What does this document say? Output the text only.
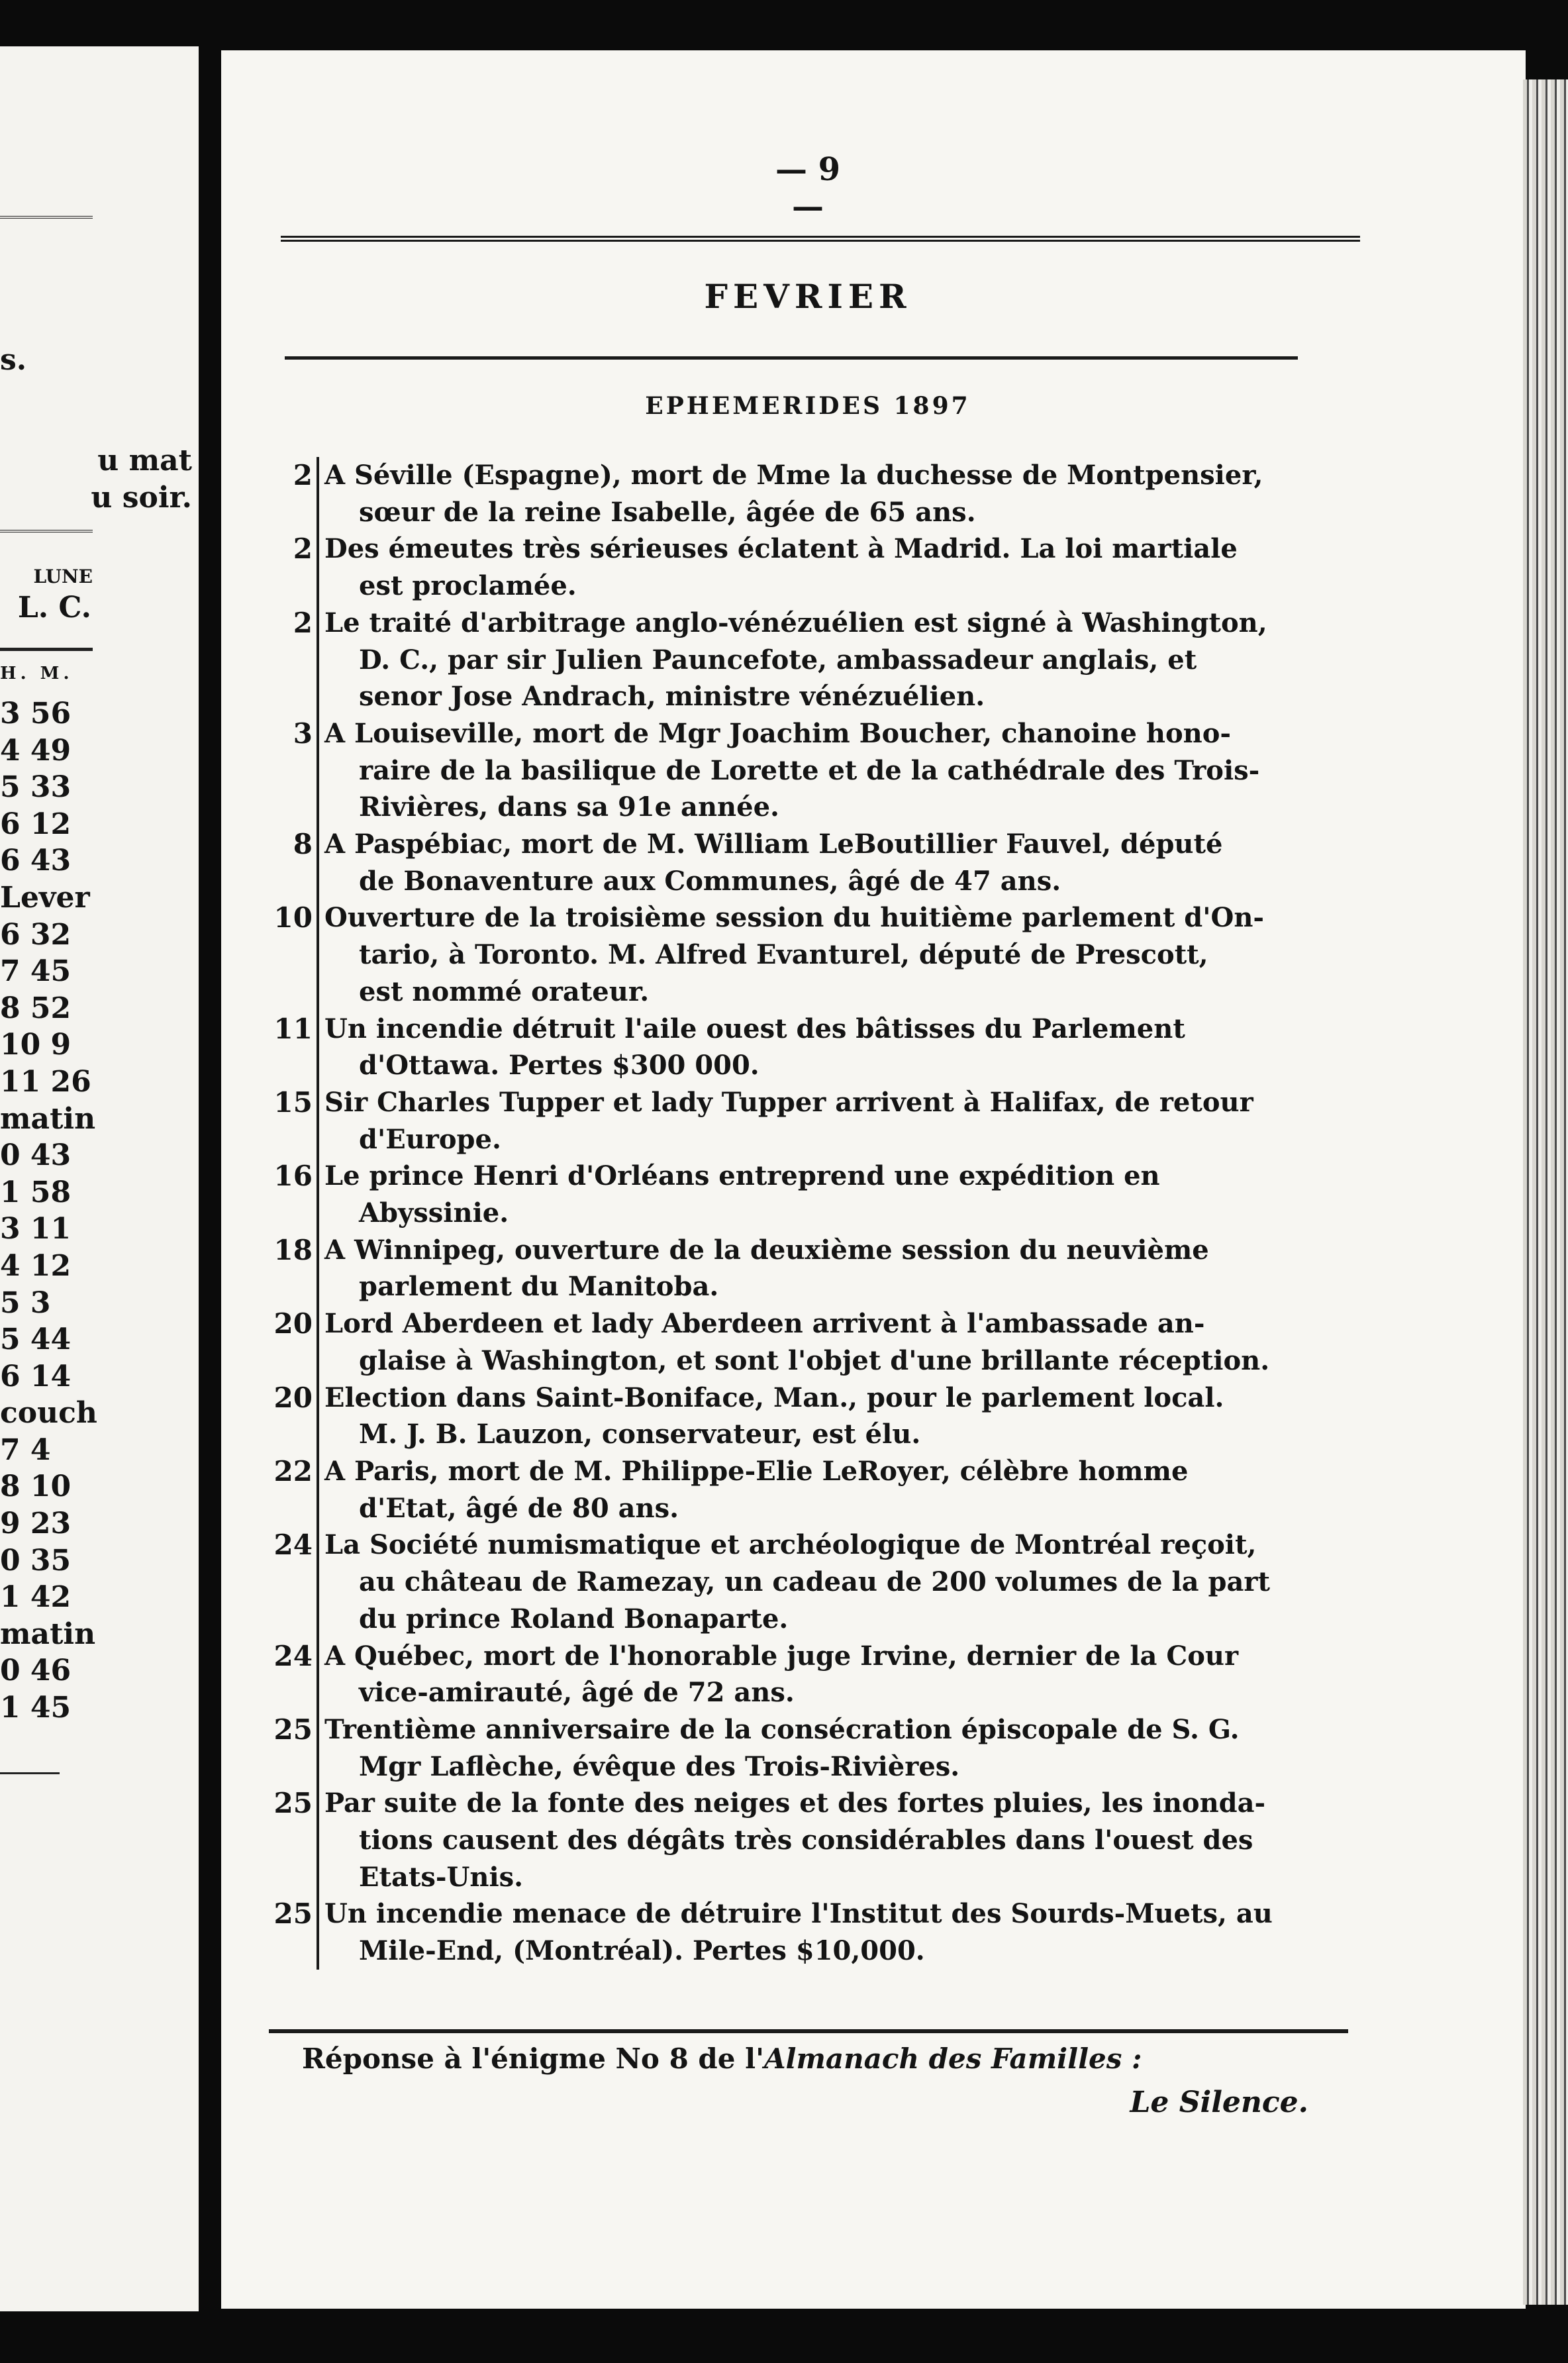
s.
u mat
u soir.
LUNE
L. C.
H. M.
3 56
4 49
5 33
6 12
6 43
Lever
6 32
7 45
8 52
10 9
11 26
matin
0 43
1 58
3 11
4 12
5 3
5 44
6 14
couch
7 4
8 10
9 23
0 35
1 42
matin
0 46
1 45
— 9 —
FEVRIER
EPHEMERIDES 1897
2 A Séville (Espagne), mort de Mme la duchesse de Montpensier,
sœur de la reine Isabelle, âgée de 65 ans.
2 Des émeutes très sérieuses éclatent à Madrid. La loi martiale
est proclamée.
2 Le traité d'arbitrage anglo-vénézuélien est signé à Washington,
D. C., par sir Julien Pauncefote, ambassadeur anglais, et
senor Jose Andrach, ministre vénézuélien.
3 A Louiseville, mort de Mgr Joachim Boucher, chanoine hono-
raire de la basilique de Lorette et de la cathédrale des Trois-
Rivières, dans sa 91e année.
8 A Paspébiac, mort de M. William LeBoutillier Fauvel, député
de Bonaventure aux Communes, âgé de 47 ans.
10 Ouverture de la troisième session du huitième parlement d'On-
tario, à Toronto. M. Alfred Evanturel, député de Prescott,
est nommé orateur.
11 Un incendie détruit l'aile ouest des bâtisses du Parlement
d'Ottawa. Pertes $300 000.
15 Sir Charles Tupper et lady Tupper arrivent à Halifax, de retour
d'Europe.
16 Le prince Henri d'Orléans entreprend une expédition en
Abyssinie.
18 A Winnipeg, ouverture de la deuxième session du neuvième
parlement du Manitoba.
20 Lord Aberdeen et lady Aberdeen arrivent à l'ambassade an-
glaise à Washington, et sont l'objet d'une brillante réception.
20 Election dans Saint-Boniface, Man., pour le parlement local.
M. J. B. Lauzon, conservateur, est élu.
22 A Paris, mort de M. Philippe-Elie LeRoyer, célèbre homme
d'Etat, âgé de 80 ans.
24 La Société numismatique et archéologique de Montréal reçoit,
au château de Ramezay, un cadeau de 200 volumes de la part
du prince Roland Bonaparte.
24 A Québec, mort de l'honorable juge Irvine, dernier de la Cour
vice-amirauté, âgé de 72 ans.
25 Trentième anniversaire de la consécration épiscopale de S. G.
Mgr Laflèche, évêque des Trois-Rivières.
25 Par suite de la fonte des neiges et des fortes pluies, les inonda-
tions causent des dégâts très considérables dans l'ouest des
Etats-Unis.
25 Un incendie menace de détruire l'Institut des Sourds-Muets, au
Mile-End, (Montréal). Pertes $10,000.
Réponse à l'énigme No 8 de l'Almanach des Familles :
Le Silence.
